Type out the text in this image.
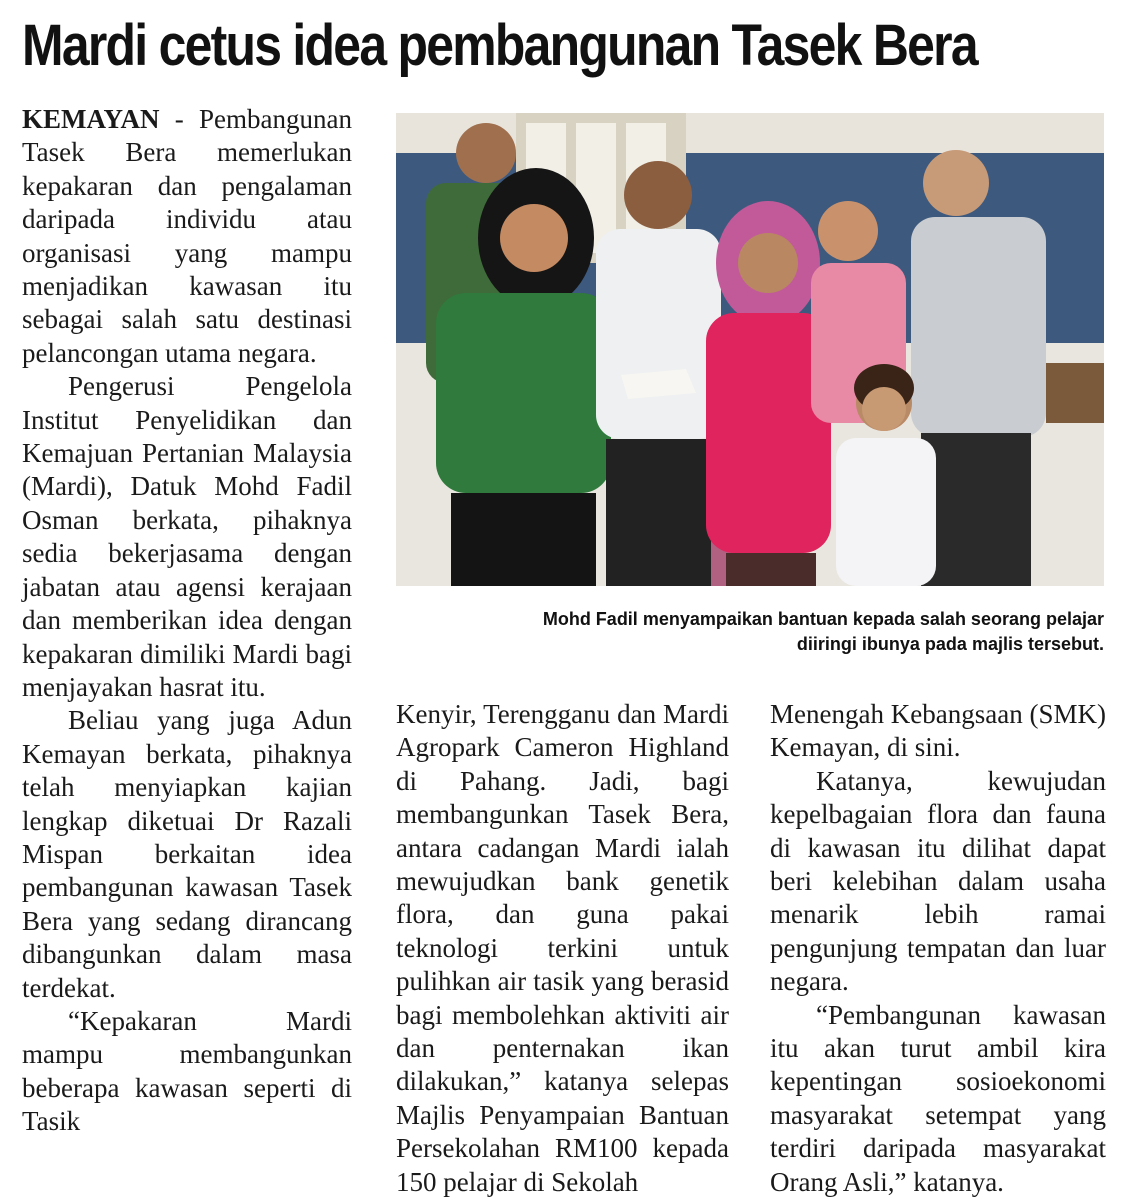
Mardi cetus idea pembangunan Tasek Bera

KEMAYAN - Pembangunan Tasek Bera memerlukan kepakaran dan pengalaman daripada individu atau organisasi yang mampu menjadikan kawasan itu sebagai salah satu destinasi pelancongan utama negara.

Pengerusi Pengelola Institut Penyelidikan dan Kemajuan Pertanian Malaysia (Mardi), Datuk Mohd Fadil Osman berkata, pihaknya sedia bekerjasama dengan jabatan atau agensi kerajaan dan memberikan idea dengan kepakaran dimiliki Mardi bagi menjayakan hasrat itu.

Beliau yang juga Adun Kemayan berkata, pihaknya telah menyiapkan kajian lengkap diketuai Dr Razali Mispan berkaitan idea pembangunan kawasan Tasek Bera yang sedang dirancang dibangunkan dalam masa terdekat.

“Kepakaran Mardi mampu membangunkan beberapa kawasan seperti di Tasik

Mohd Fadil menyampaikan bantuan kepada salah seorang pelajar
diiringi ibunya pada majlis tersebut.

Kenyir, Terengganu dan Mardi Agropark Cameron Highland di Pahang. Jadi, bagi membangunkan Tasek Bera, antara cadangan Mardi ialah mewujudkan bank genetik flora, dan guna pakai teknologi terkini untuk pulihkan air tasik yang berasid bagi membolehkan aktiviti air dan penternakan ikan dilakukan,” katanya selepas Majlis Penyampaian Bantuan Persekolahan RM100 kepada 150 pelajar di Sekolah

Menengah Kebangsaan (SMK) Kemayan, di sini.

Katanya, kewujudan kepelbagaian flora dan fauna di kawasan itu dilihat dapat beri kelebihan dalam usaha menarik lebih ramai pengunjung tempatan dan luar negara.

“Pembangunan kawasan itu akan turut ambil kira kepentingan sosioekonomi masyarakat setempat yang terdiri daripada masyarakat Orang Asli,” katanya.
